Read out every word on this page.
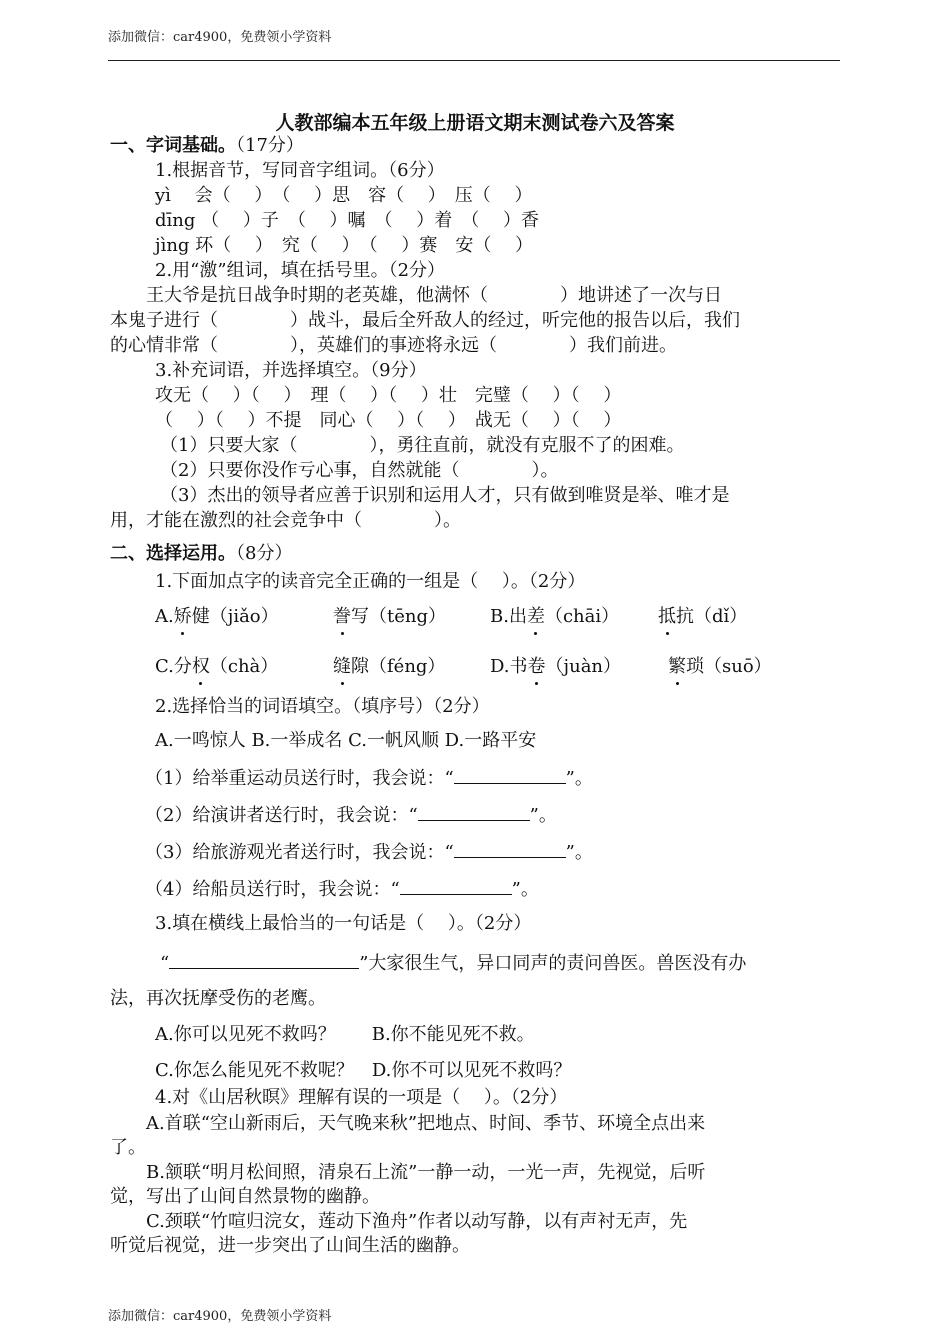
添加微信：car4900，免费领小学资料
人教部编本五年级上册语文期末测试卷六及答案
一、字词基础。（17分）
1.根据音节，写同音字组词。（6分）
yì　 会（　 ）　（　 ）思　容（　 ）　压（　 ）
dīng （　 ）子　（　 ）嘱　（　 ）着　（　 ）香
jìng 环（　 ）　究（　 ）　（　 ）赛　安（　 ）
2.用“激”组词，填在括号里。（2分）
　　王大爷是抗日战争时期的老英雄，他满怀（　　　　）地讲述了一次与日
本鬼子进行（　　　　）战斗，最后全歼敌人的经过，听完他的报告以后，我们
的心情非常（　　　　），英雄们的事迹将永远（　　　　）我们前进。
3.补充词语，并选择填空。（9分）
攻无（　 ）（　 ）　理（　 ）（　 ）壮　完璧（　 ）（　 ）
（　 ）（　 ）不提　同心（　 ）（　 ）　战无（　 ）（　 ）
（1）只要大家（　　　　），勇往直前，就没有克服不了的困难。
（2）只要你没作亏心事，自然就能（　　　　）。
（3）杰出的领导者应善于识别和运用人才，只有做到唯贤是举、唯才是
用，才能在激烈的社会竞争中（　　　　）。
二、选择运用。（8分）
1.下面加点字的读音完全正确的一组是（　 ）。（2分）
A.矫健（jiǎo）	誊写（tēng） B.出差（chāi） 抵抗（dǐ）
C.分权（chà）	缝隙（féng） D.书卷（juàn）	繁琐（suō）
2.选择恰当的词语填空。（填序号）（2分）
A.一鸣惊人 B.一举成名 C.一帆风顺 D.一路平安
（1）给举重运动员送行时，我会说：“	”。
（2）给演讲者送行时，我会说：“	”。
（3）给旅游观光者送行时，我会说：“	”。
（4）给船员送行时，我会说：“	”。
3.填在横线上最恰当的一句话是（　 ）。（2分）
“	”大家很生气，异口同声的责问兽医。兽医没有办
法，再次抚摩受伤的老鹰。
A.你可以见死不救吗？　　B.你不能见死不救。
C.你怎么能见死不救呢？　D.你不可以见死不救吗？
4.对《山居秋暝》理解有误的一项是（　 ）。（2分）
　　A.首联“空山新雨后，天气晚来秋”把地点、时间、季节、环境全点出来
了。
　　B.颔联“明月松间照，清泉石上流”一静一动，一光一声，先视觉，后听
觉，写出了山间自然景物的幽静。
　　C.颈联“竹喧归浣女，莲动下渔舟”作者以动写静，以有声衬无声，先
听觉后视觉，进一步突出了山间生活的幽静。
添加微信：car4900，免费领小学资料
